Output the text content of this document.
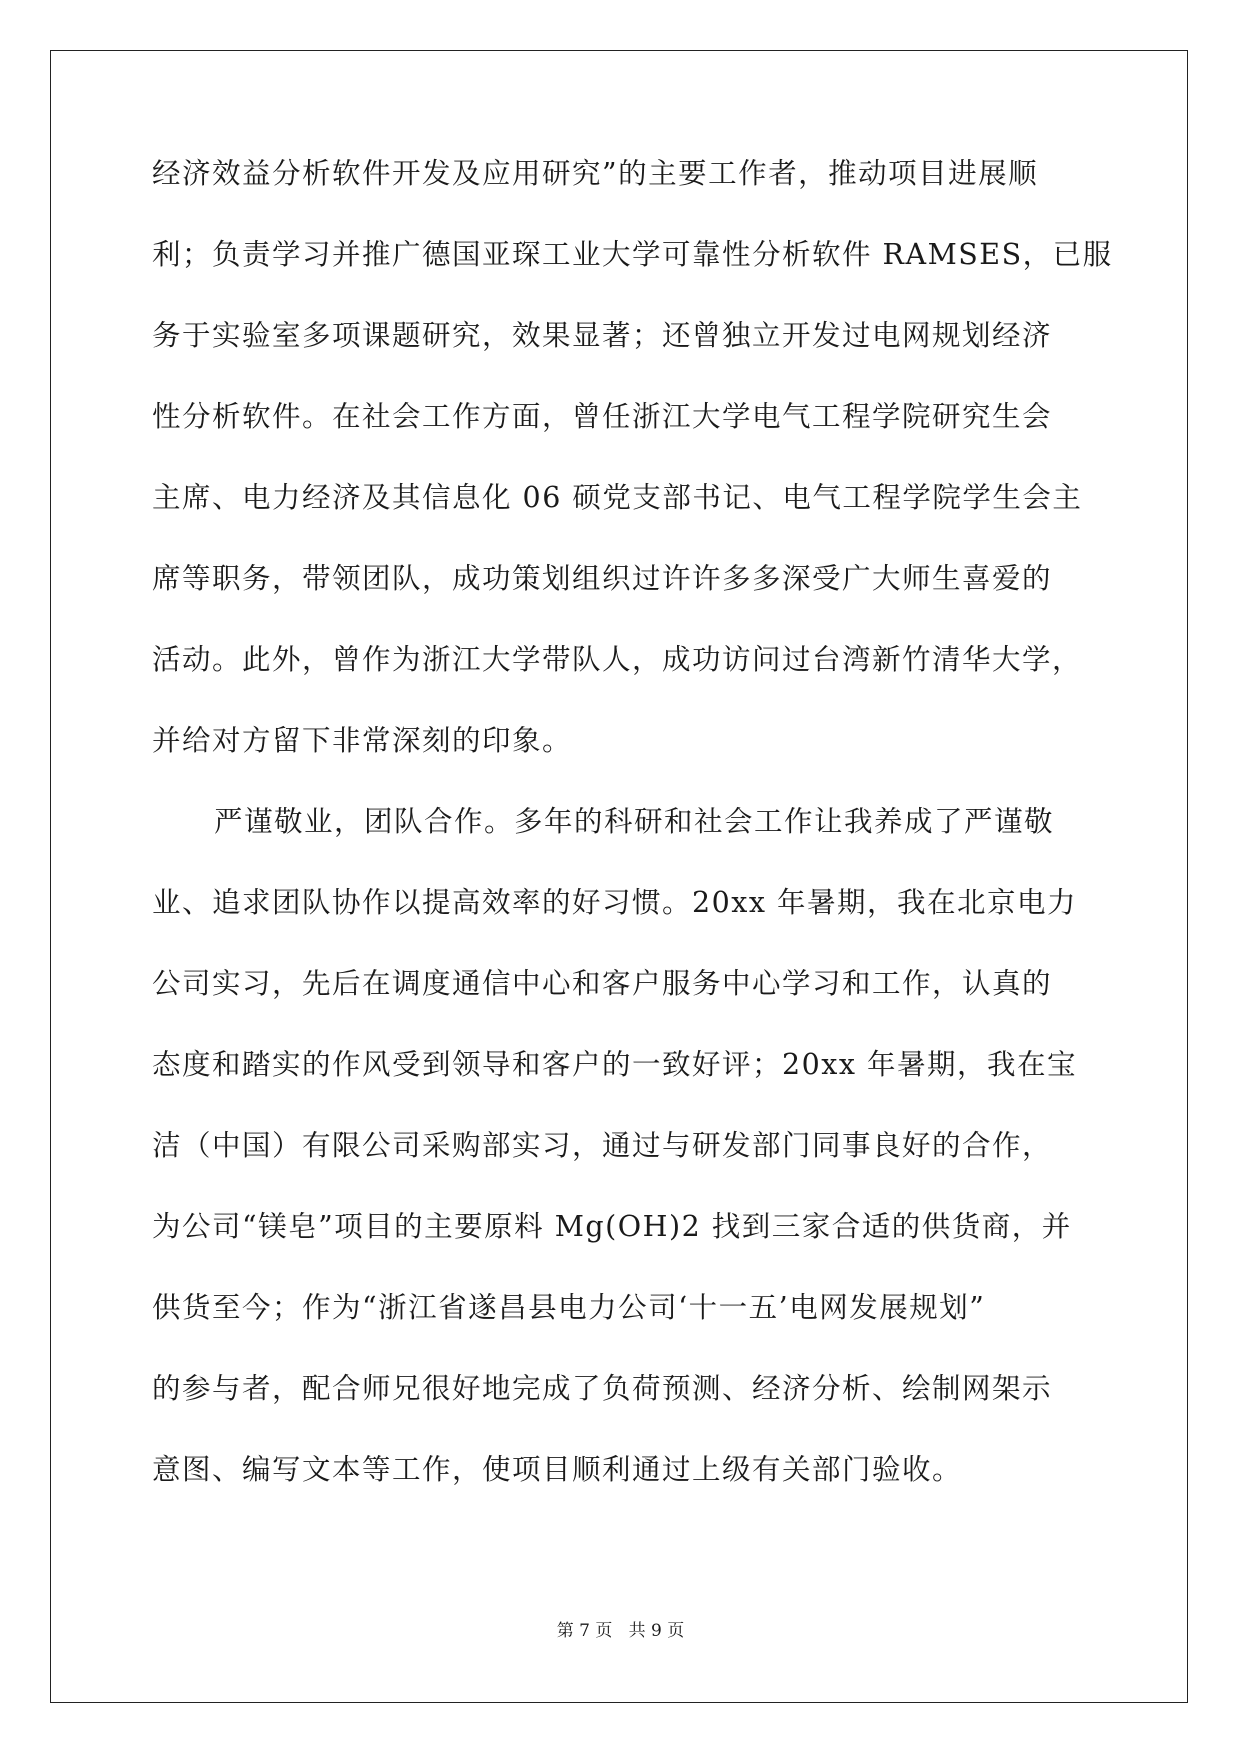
经济效益分析软件开发及应用研究”的主要工作者，推动项目进展顺
利；负责学习并推广德国亚琛工业大学可靠性分析软件 RAMSES，已服
务于实验室多项课题研究，效果显著；还曾独立开发过电网规划经济
性分析软件。在社会工作方面，曾任浙江大学电气工程学院研究生会
主席、电力经济及其信息化 06 硕党支部书记、电气工程学院学生会主
席等职务，带领团队，成功策划组织过许许多多深受广大师生喜爱的
活动。此外，曾作为浙江大学带队人，成功访问过台湾新竹清华大学，
并给对方留下非常深刻的印象。
严谨敬业，团队合作。多年的科研和社会工作让我养成了严谨敬
业、追求团队协作以提高效率的好习惯。20xx 年暑期，我在北京电力
公司实习，先后在调度通信中心和客户服务中心学习和工作，认真的
态度和踏实的作风受到领导和客户的一致好评；20xx 年暑期，我在宝
洁（中国）有限公司采购部实习，通过与研发部门同事良好的合作，
为公司“镁皂”项目的主要原料 Mg(OH)2 找到三家合适的供货商，并
供货至今；作为“浙江省遂昌县电力公司‘十一五’电网发展规划”
的参与者，配合师兄很好地完成了负荷预测、经济分析、绘制网架示
意图、编写文本等工作，使项目顺利通过上级有关部门验收。
第 7 页   共 9 页
